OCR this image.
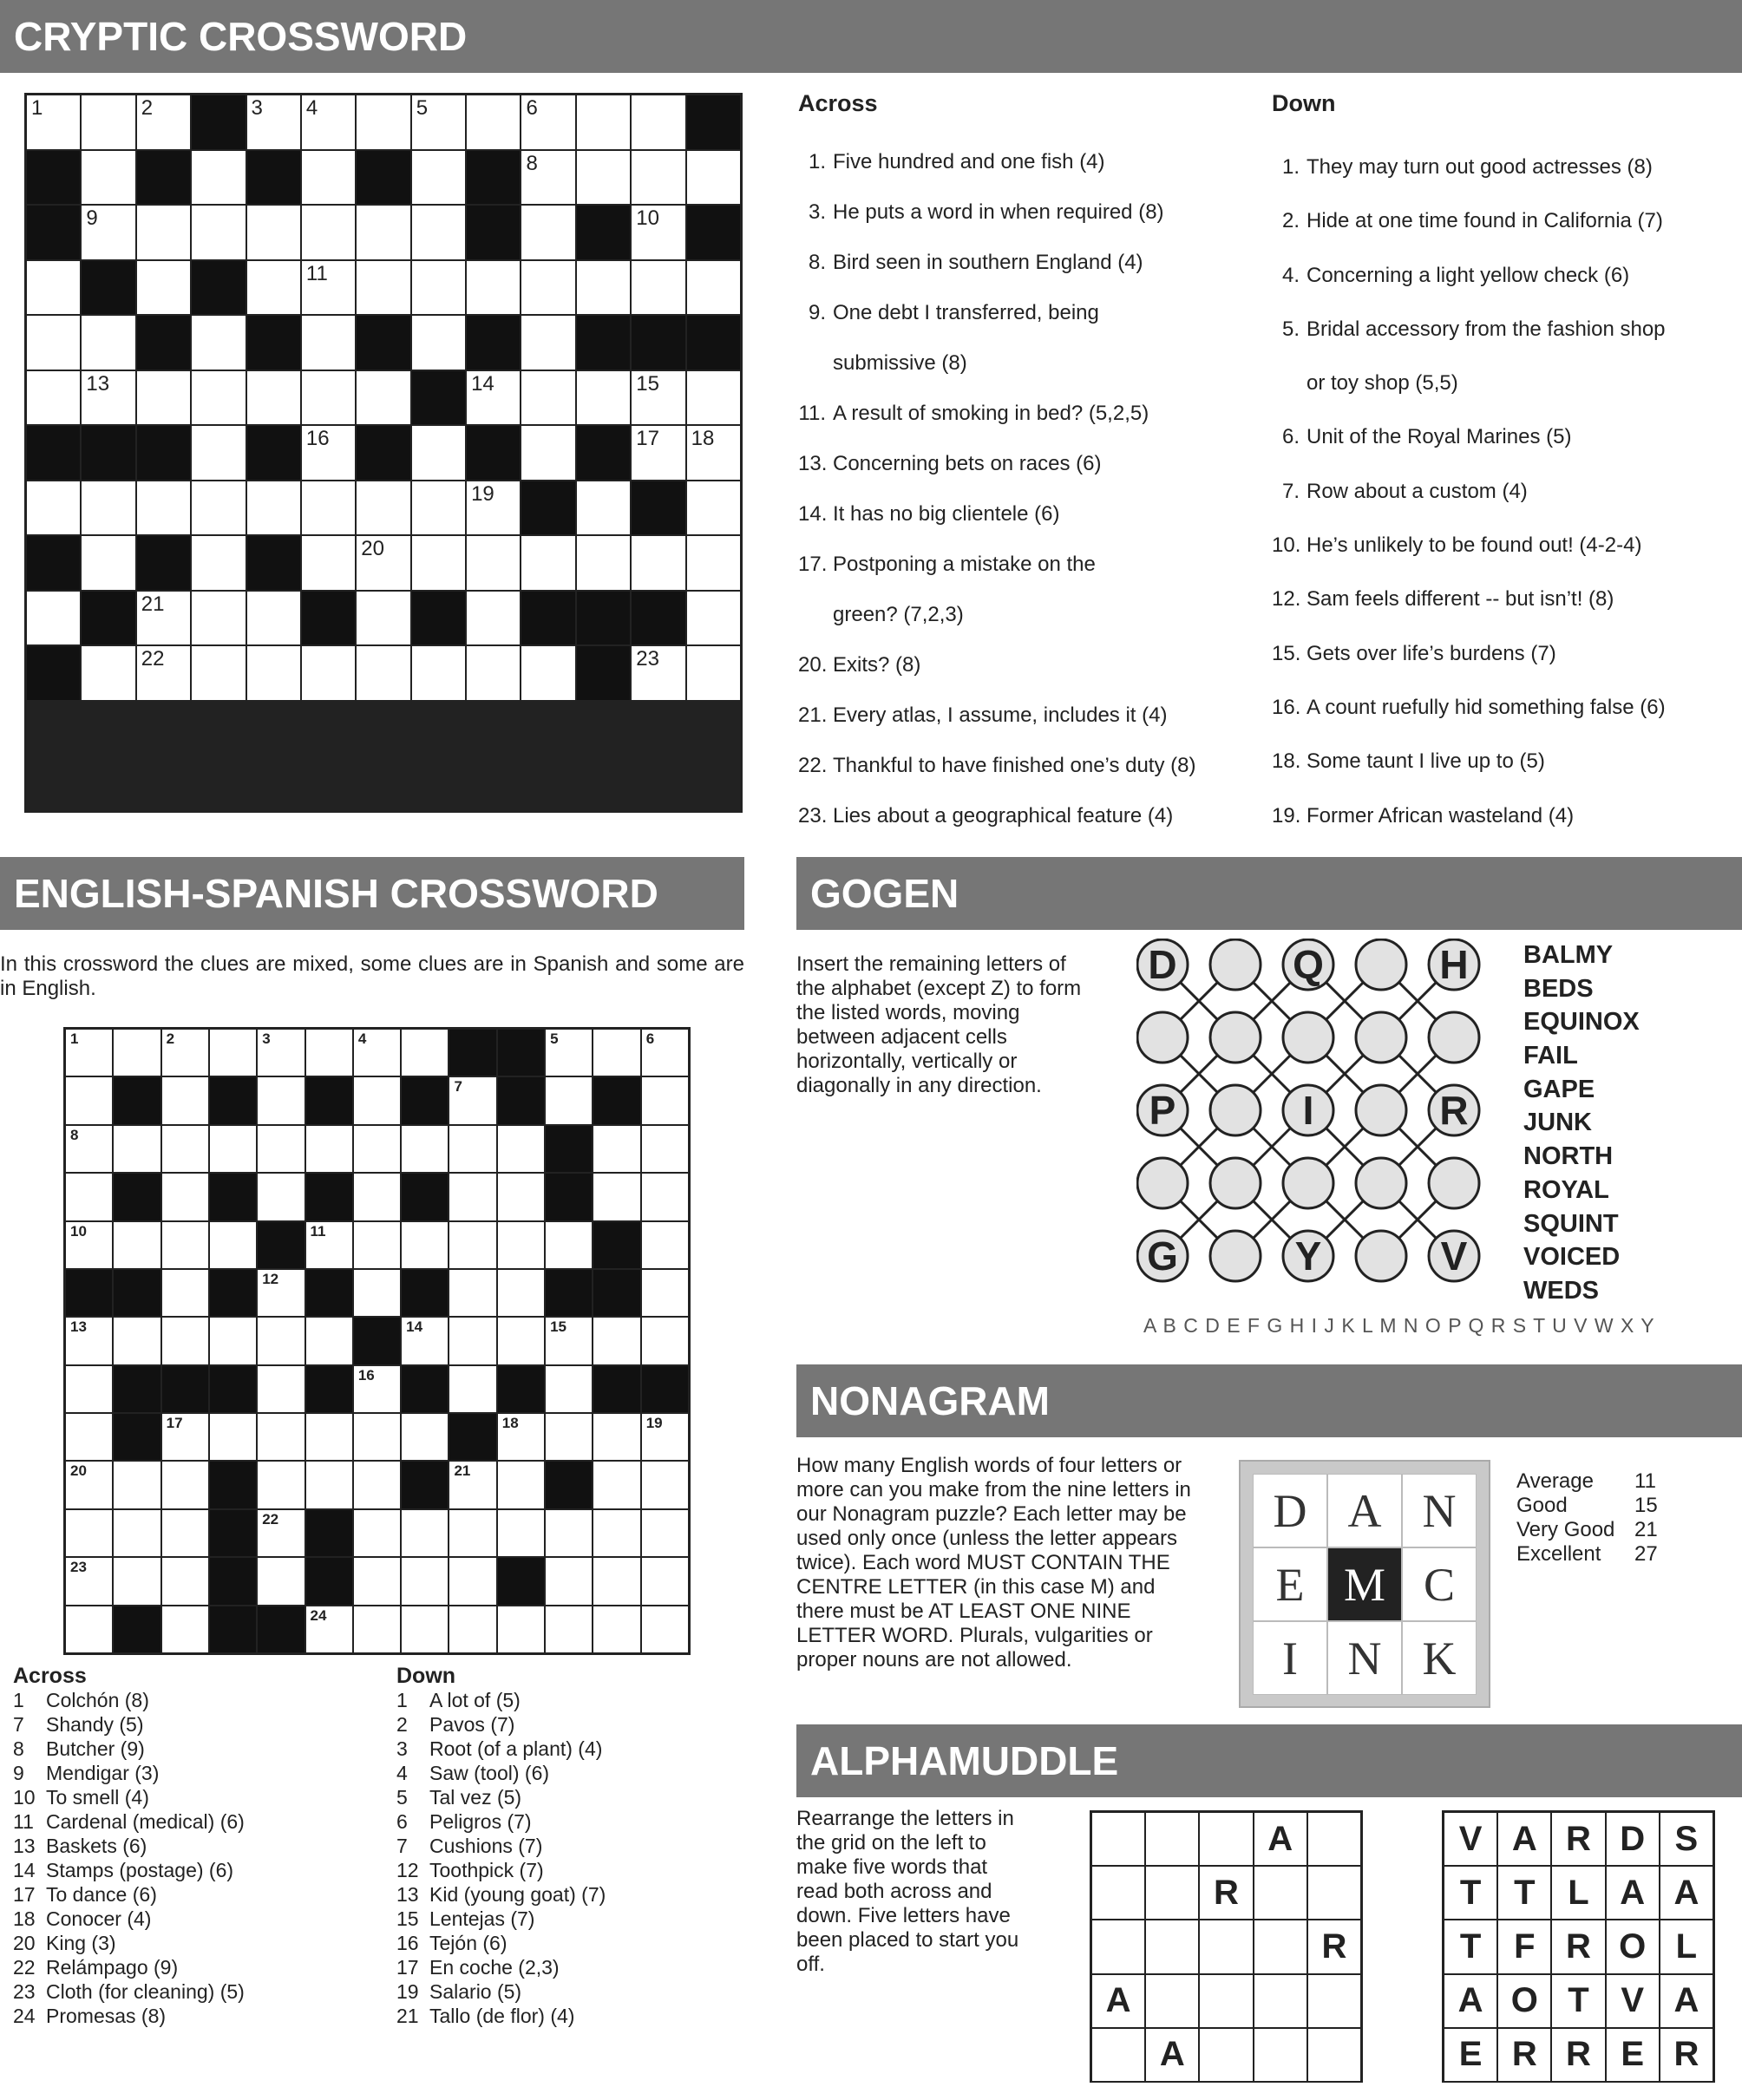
CRYPTIC CROSSWORD
1	2	3 4	5	6
8
9	10
11
13	14	15
16	17 18
19
20
21
22	23
Across
1. Five hundred and one fish (4)
3. He puts a word in when required (8)
8. Bird seen in southern England (4)
9. One debt I transferred, being
submissive (8)
11. A result of smoking in bed? (5,2,5)
13. Concerning bets on races (6)
14. It has no big clientele (6)
17. Postponing a mistake on the
green? (7,2,3)
20. Exits? (8)
21. Every atlas, I assume, includes it (4)
22. Thankful to have finished one’s duty (8)
23. Lies about a geographical feature (4)
Down
1. They may turn out good actresses (8)
2. Hide at one time found in California (7)
4. Concerning a light yellow check (6)
5. Bridal accessory from the fashion shop
or toy shop (5,5)
6. Unit of the Royal Marines (5)
7. Row about a custom (4)
10. He’s unlikely to be found out! (4-2-4)
12. Sam feels different -- but isn’t! (8)
15. Gets over life’s burdens (7)
16. A count ruefully hid something false (6)
18. Some taunt I live up to (5)
19. Former African wasteland (4)
ENGLISH-SPANISH CROSSWORD
In this crossword the clues are mixed, some clues are in Spanish and some are in English.
1	2	3	4	5	6
7
8
10	11
12
13	14	15
16
17	18	19
20	21
22
23
24
Across
1	Colchón (8)
7	Shandy (5)
8	Butcher (9)
9	Mendigar (3)
10 To smell (4)
11 Cardenal (medical) (6)
13 Baskets (6)
14 Stamps (postage) (6)
17 To dance (6)
18 Conocer (4)
20 King (3)
22 Relámpago (9)
23 Cloth (for cleaning) (5)
24 Promesas (8)
Down
1	A lot of (5)
2	Pavos (7)
3	Root (of a plant) (4)
4	Saw (tool) (6)
5	Tal vez (5)
6	Peligros (7)
7	Cushions (7)
12 Toothpick (7)
13 Kid (young goat) (7)
15 Lentejas (7)
16 Tejón (6)
17 En coche (2,3)
19 Salario (5)
21 Tallo (de flor) (4)
GOGEN
Insert the remaining letters of the alphabet (except Z) to form the listed words, moving between adjacent cells horizontally, vertically or diagonally in any direction.
D	Q	H
P	I	R
G	Y	V
BALMY
BEDS
EQUINOX
FAIL
GAPE
JUNK
NORTH
ROYAL
SQUINT
VOICED
WEDS
A B C D E F G H I J K L M N O P Q R S T U V W X Y
NONAGRAM
How many English words of four letters or more can you make from the nine letters in our Nonagram puzzle? Each letter may be used only once (unless the letter appears twice). Each word MUST CONTAIN THE CENTRE LETTER (in this case M) and there must be AT LEAST ONE NINE LETTER WORD. Plurals, vulgarities or proper nouns are not allowed.
D A N
E M C
I	N K
Average	11
Good	15
Very Good 21
Excellent	27
ALPHAMUDDLE
Rearrange the letters in the grid on the left to make five words that read both across and down. Five letters have been placed to start you off.
A
R
R
A
A
V A R D S
T T L A A
T F R O L
A O T V A
E R R E R
